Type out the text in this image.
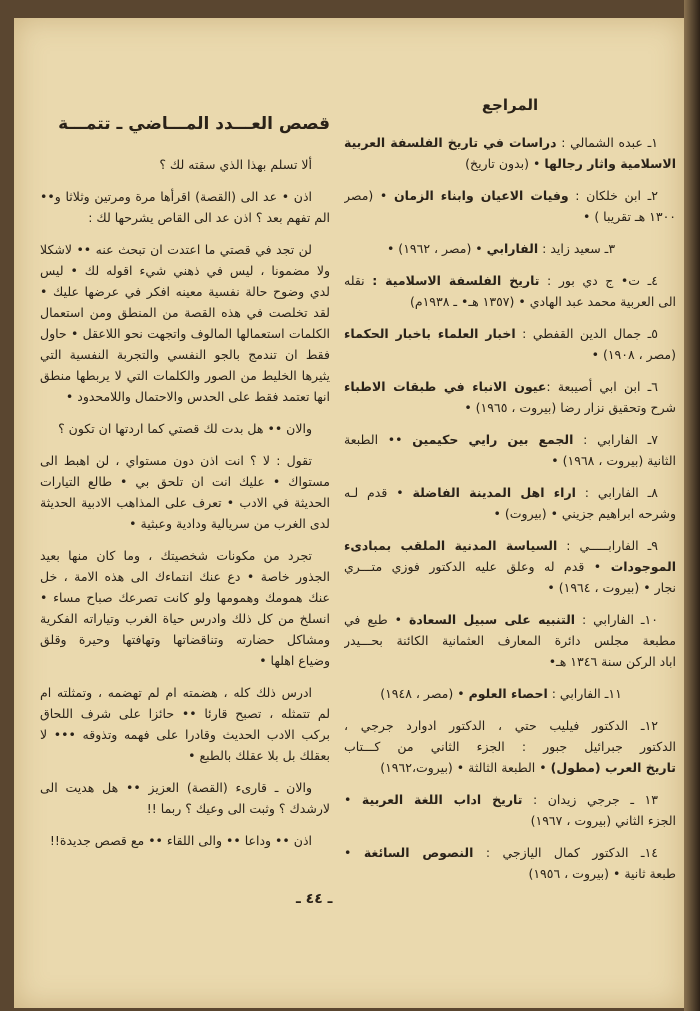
المراجع
١ـ عبده الشمالي : دراسات في تاريخ الفلسفة العربية
الاسلامية واثار رجالها • (بدون تاريخ)
٢ـ ابن خلكان : وفيات الاعيان وابناء الزمان • (مصر
١٣٠٠ هـ تقريبا ) •
٣ـ سعيد زايد : الفارابي • (مصر ، ١٩٦٢) •
٤ـ ت• ج دي بور : تاريخ الفلسفة الاسلامية : نقله
الى العربية محمد عبد الهادي • (١٣٥٧ هـ• ـ ١٩٣٨م)
٥ـ جمال الدين القفطي : اخبار العلماء باخبار الحكماء
(مصر ، ١٩٠٨) •
٦ـ ابن ابي أصيبعة :عيون الانباء في طبقات الاطباء
شرح وتحقيق نزار رضا (بيروت ، ١٩٦٥) •
٧ـ الفارابي : الجمع بين رايي حكيمين •• الطبعة
الثانية (بيروت ، ١٩٦٨) •
٨ـ الفارابي : اراء اهل المدينة الفاضلة • قدم لـه
وشرحه ابراهيم جزيني • (بيروت) •
٩ـ الفارابـــــي : السياسة المدنية الملقب بمبادىء
الموجودات • قدم له وعلق عليه الدكتور فوزي متـــري
نجار • (بيروت ، ١٩٦٤) •
١٠ـ الفارابي : التنبيه على سبيل السعادة • طبع في
مطبعة مجلس دائرة المعارف العثمانية الكائنة بحـــيدر
اباد الركن سنة ١٣٤٦ هـ•
١١ـ الفارابي : احصاء العلوم • (مصر ، ١٩٤٨)
١٢ـ الدكتور فيليب حتي ، الدكتور ادوارد جرجي ،
الدكتور جبرائيل جبور : الجزء الثاني من كـــتاب
تاريخ العرب (مطول) • الطبعة الثالثة • (بيروت،١٩٦٢)
١٣ ـ جرجي زيدان : تاريخ اداب اللغة العربية •
الجزء الثاني (بيروت ، ١٩٦٧)
١٤ـ الدكتور كمال اليازجي : النصوص السائغة •
طبعة ثانية • (بيروت ، ١٩٥٦)
قصص العـــدد المـــاضي ـ تتمـــة
ألا تسلم بهذا الذي سقته لك ؟
اذن • عد الى (القصة) اقرأها مرة ومرتين وثلاثا و••
الم تفهم بعد ؟ اذن عد الى القاص يشرحها لك :
لن تجد في قصتي ما اعتدت ان تبحث عنه •• لاشكلا
ولا مضمونا ، ليس في ذهني شيء اقوله لك • ليس
لدي وضوح حالة نفسية معينه افكر في عرضها عليك •
لقد تخلصت في هذه القصة من المنطق ومن استعمال
الكلمات استعمالها المالوف واتجهت نحو اللاعقل • حاول
فقط ان تندمج بالجو النفسي والتجربة النفسية التي
يثيرها الخليط من الصور والكلمات التي لا يربطها منطق
انها تعتمد فقط على الحدس والاحتمال واللامحدود •
والان •• هل بدت لك قصتي كما اردتها ان تكون ؟
تقول : لا ؟ انت اذن دون مستواي ، لن اهبط الى
مستواك • عليك انت ان تلحق بي • طالع التيارات
الحديثة في الادب • تعرف على المذاهب الادبية الحديثة
لدى الغرب من سريالية ودادية وعبثية •
تجرد من مكونات شخصيتك ، وما كان منها بعيد
الجذور خاصة • دع عنك انتماءك الى هذه الامة ، خل
عنك همومك وهمومها ولو كانت تصرعك صباح مساء •
انسلخ من كل ذلك وادرس حياة الغرب وتياراته الفكرية
ومشاكل حضارته وتناقضاتها وتهافتها وحيرة وقلق
وضياع اهلها •
ادرس ذلك كله ، هضمته ام لم تهضمه ، وتمثلته ام
لم تتمثله ، تصبح قارئا •• حائزا على شرف اللحاق
بركب الادب الحديث وقادرا على فهمه وتذوقه ••• لا
بعقلك بل بلا عقلك بالطبع •
والان ـ قارىء (القصة) العزيز •• هل هديت الى
لارشدك ؟ وثبت الى وعيك ؟ ربما !!
اذن •• وداعا •• والى اللقاء •• مع قصص جديدة!!
ـ ٤٤ ـ
